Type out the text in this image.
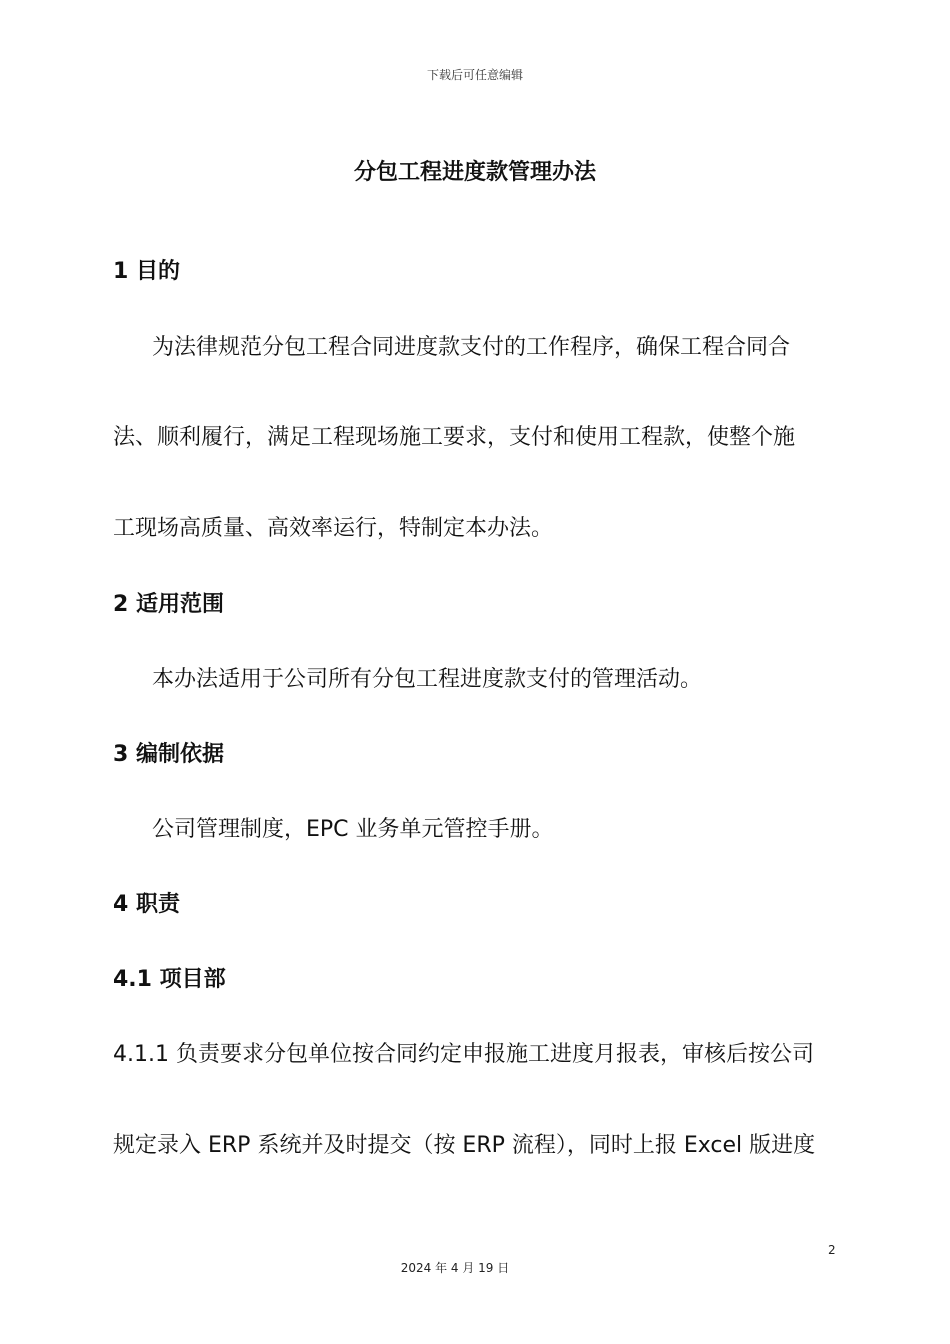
下载后可任意编辑
分包工程进度款管理办法
1 目的
为法律规范分包工程合同进度款支付的工作程序，确保工程合同合
法、顺利履行，满足工程现场施工要求，支付和使用工程款，使整个施
工现场高质量、高效率运行，特制定本办法。
2 适用范围
本办法适用于公司所有分包工程进度款支付的管理活动。
3 编制依据
公司管理制度，EPC 业务单元管控手册。
4 职责
4.1 项目部
4.1.1 负责要求分包单位按合同约定申报施工进度月报表，审核后按公司
规定录入 ERP 系统并及时提交（按 ERP 流程），同时上报 Excel 版进度
2
2024 年 4 月 19 日
